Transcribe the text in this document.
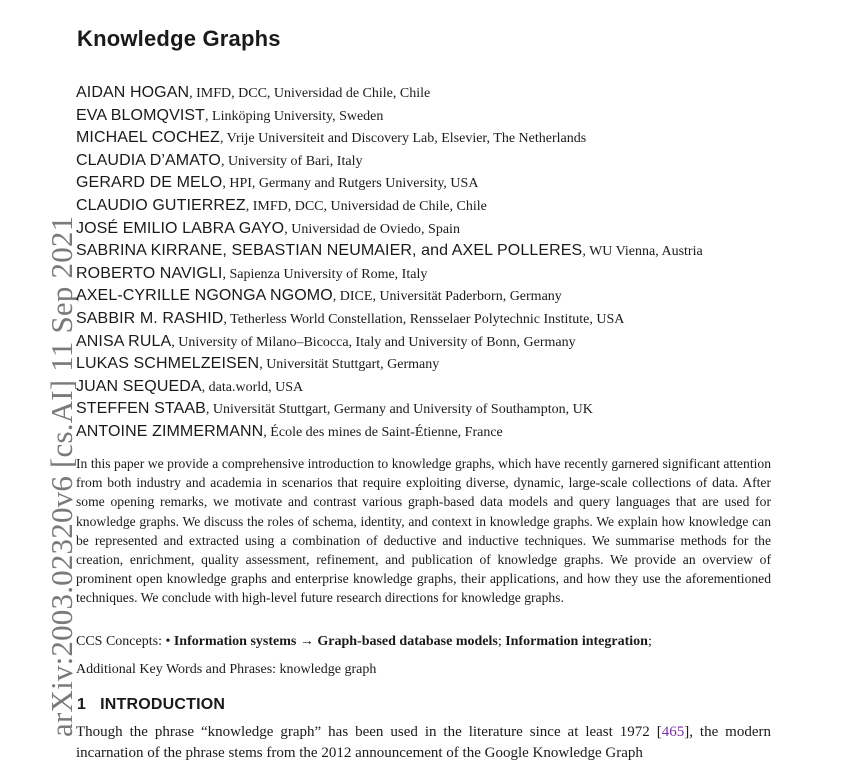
arXiv:2003.02320v6 [cs.AI] 11 Sep 2021
Knowledge Graphs
AIDAN HOGAN, IMFD, DCC, Universidad de Chile, Chile
EVA BLOMQVIST, Linköping University, Sweden
MICHAEL COCHEZ, Vrije Universiteit and Discovery Lab, Elsevier, The Netherlands
CLAUDIA D’AMATO, University of Bari, Italy
GERARD DE MELO, HPI, Germany and Rutgers University, USA
CLAUDIO GUTIERREZ, IMFD, DCC, Universidad de Chile, Chile
JOSÉ EMILIO LABRA GAYO, Universidad de Oviedo, Spain
SABRINA KIRRANE, SEBASTIAN NEUMAIER, and AXEL POLLERES, WU Vienna, Austria
ROBERTO NAVIGLI, Sapienza University of Rome, Italy
AXEL-CYRILLE NGONGA NGOMO, DICE, Universität Paderborn, Germany
SABBIR M. RASHID, Tetherless World Constellation, Rensselaer Polytechnic Institute, USA
ANISA RULA, University of Milano–Bicocca, Italy and University of Bonn, Germany
LUKAS SCHMELZEISEN, Universität Stuttgart, Germany
JUAN SEQUEDA, data.world, USA
STEFFEN STAAB, Universität Stuttgart, Germany and University of Southampton, UK
ANTOINE ZIMMERMANN, École des mines de Saint-Étienne, France

In this paper we provide a comprehensive introduction to knowledge graphs, which have recently garnered significant attention from both industry and academia in scenarios that require exploiting diverse, dynamic, large-scale collections of data. After some opening remarks, we motivate and contrast various graph-based data models and query languages that are used for knowledge graphs. We discuss the roles of schema, identity, and context in knowledge graphs. We explain how knowledge can be represented and extracted using a combination of deductive and inductive techniques. We summarise methods for the creation, enrichment, quality assessment, refinement, and publication of knowledge graphs. We provide an overview of prominent open knowledge graphs and enterprise knowledge graphs, their applications, and how they use the aforementioned techniques. We conclude with high-level future research directions for knowledge graphs.

CCS Concepts: • Information systems → Graph-based database models; Information integration;

Additional Key Words and Phrases: knowledge graph

1 INTRODUCTION

Though the phrase “knowledge graph” has been used in the literature since at least 1972 [465], the modern incarnation of the phrase stems from the 2012 announcement of the Google Knowledge Graph
